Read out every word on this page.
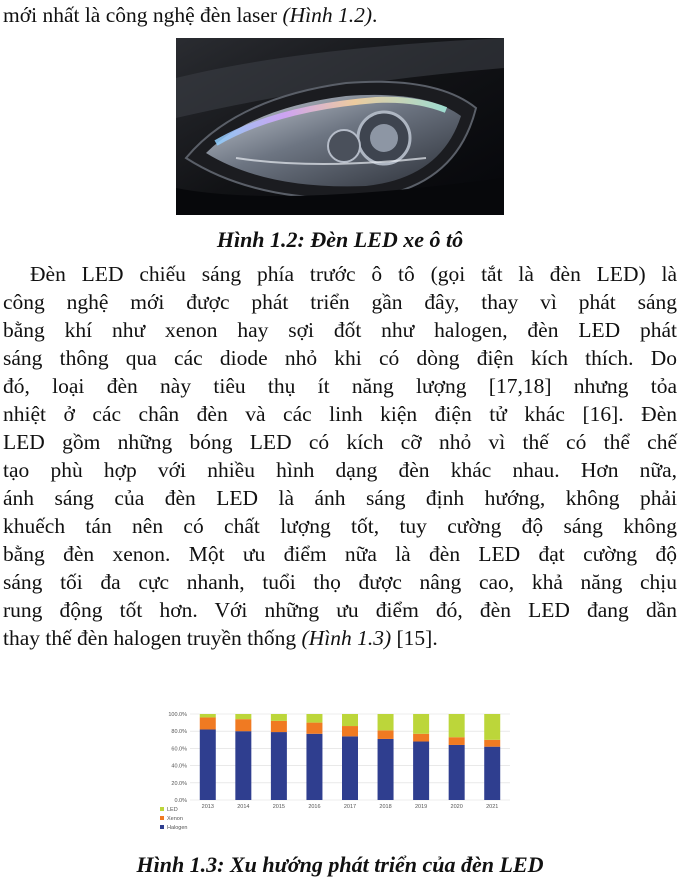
mới nhất là công nghệ đèn laser (Hình 1.2).
Hình 1.2: Đèn LED xe ô tô
Đèn LED chiếu sáng phía trước ô tô (gọi tắt là đèn LED) là
công nghệ mới được phát triển gần đây, thay vì phát sáng
bằng khí như xenon hay sợi đốt như halogen, đèn LED phát
sáng thông qua các diode nhỏ khi có dòng điện kích thích. Do
đó, loại đèn này tiêu thụ ít năng lượng [17,18] nhưng tỏa
nhiệt ở các chân đèn và các linh kiện điện tử khác [16]. Đèn
LED gồm những bóng LED có kích cỡ nhỏ vì thế có thể chế
tạo phù hợp với nhiều hình dạng đèn khác nhau. Hơn nữa,
ánh sáng của đèn LED là ánh sáng định hướng, không phải
khuếch tán nên có chất lượng tốt, tuy cường độ sáng không
bằng đèn xenon. Một ưu điểm nữa là đèn LED đạt cường độ
sáng tối đa cực nhanh, tuổi thọ được nâng cao, khả năng chịu
rung động tốt hơn. Với những ưu điểm đó, đèn LED đang dần
thay thế đèn halogen truyền thống (Hình 1.3) [15].
0.0%
20.0%
40.0%
60.0%
80.0%
100.0%
2013	2014	2015	2016	2017	2018	2019	2020	2021
LED
Xenon
Halogen
Hình 1.3: Xu hướng phát triển của đèn LED
